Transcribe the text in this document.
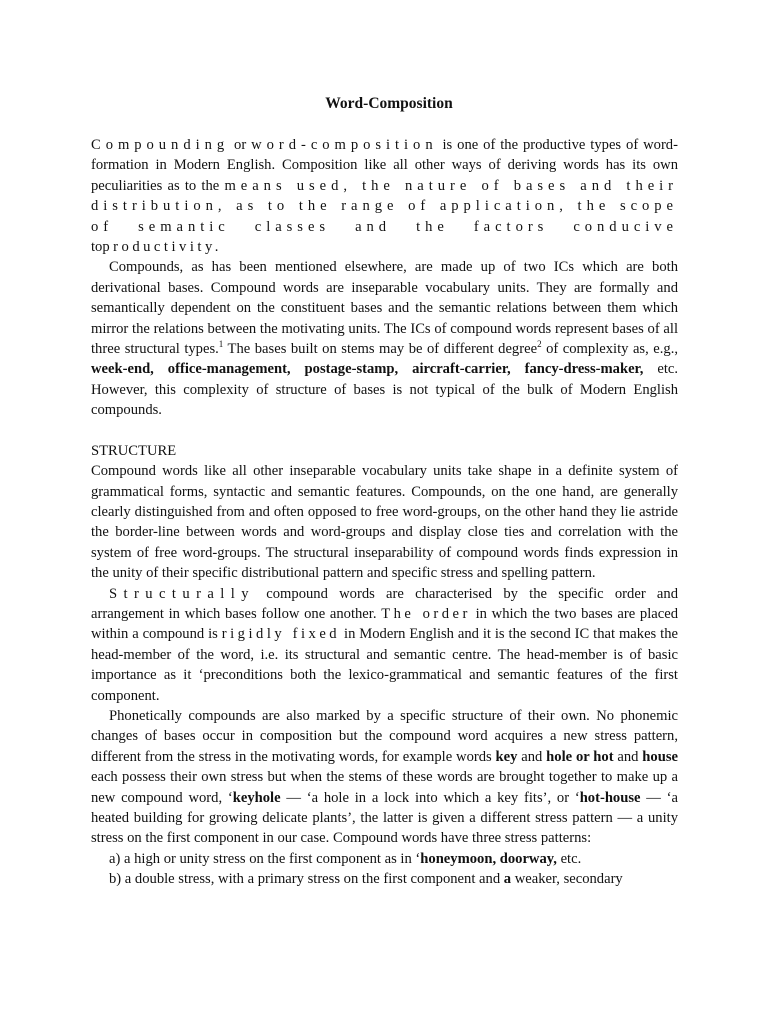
Word-Composition

Compounding or word-composition is one of the productive types of word-formation in Modern English. Composition like all other ways of deriving words has its own peculiarities as to the means used, the nature of bases and their distribution, as to the range of application, the scope of semantic classes and the factors conducive toproductivity.

Compounds, as has been mentioned elsewhere, are made up of two ICs which are both derivational bases. Compound words are inseparable vocabulary units. They are formally and semantically dependent on the constituent bases and the semantic relations between them which mirror the relations between the motivating units. The ICs of compound words represent bases of all three structural types.$^1$ The bases built on stems may be of different degree$^2$ of complexity as, e.g., week-end, office-management, postage-stamp, aircraft-carrier, fancy-dress-maker, etc. However, this complexity of structure of bases is not typical of the bulk of Modern English compounds.

STRUCTURE

Compound words like all other inseparable vocabulary units take shape in a definite system of grammatical forms, syntactic and semantic features. Compounds, on the one hand, are generally clearly distinguished from and often opposed to free word-groups, on the other hand they lie astride the border-line between words and word-groups and display close ties and correlation with the system of free word-groups. The structural inseparability of compound words finds expression in the unity of their specific distributional pattern and specific stress and spelling pattern.

Structurally compound words are characterised by the specific order and arrangement in which bases follow one another. The order in which the two bases are placed within a compound is rigidly fixed in Modern English and it is the second IC that makes the head-member of the word, i.e. its structural and semantic centre. The head-member is of basic importance as it ‘preconditions both the lexico-grammatical and semantic features of the first component.

Phonetically compounds are also marked by a specific structure of their own. No phonemic changes of bases occur in composition but the compound word acquires a new stress pattern, different from the stress in the motivating words, for example words key and hole or hot and house each possess their own stress but when the stems of these words are brought together to make up a new compound word, ‘keyhole — ‘a hole in a lock into which a key fits’, or ‘hot-house — ‘a heated building for growing delicate plants’, the latter is given a different stress pattern — a unity stress on the first component in our case. Compound words have three stress patterns:

a) a high or unity stress on the first component as in ‘honeymoon, doorway, etc.

b) a double stress, with a primary stress on the first component and a weaker, secondary
